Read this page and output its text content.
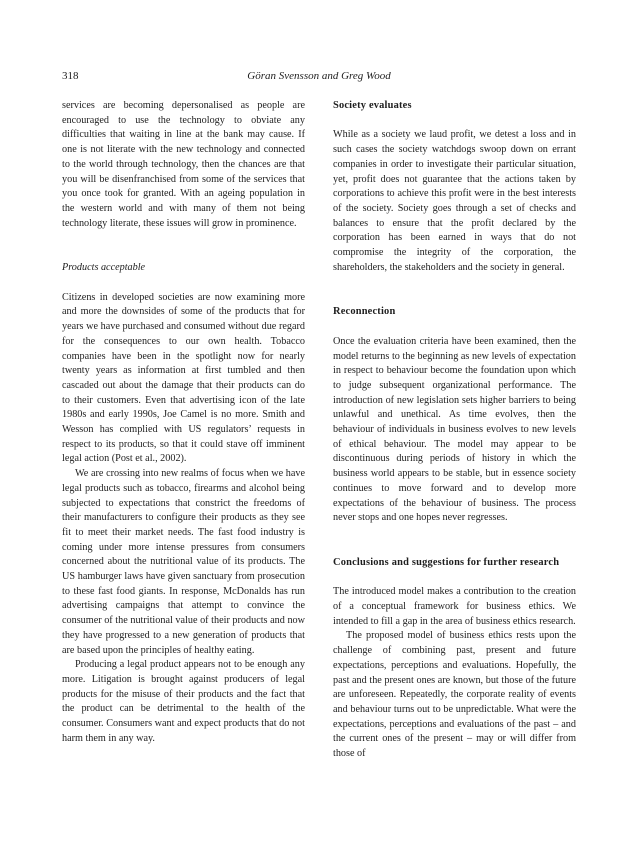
318	Göran Svensson and Greg Wood

services are becoming depersonalised as people are encouraged to use the technology to obviate any difficulties that waiting in line at the bank may cause. If one is not literate with the new technology and connected to the world through technology, then the chances are that you will be disenfranchised from some of the services that you once took for granted. With an ageing population in the western world and with many of them not being technology literate, these issues will grow in prominence.

Products acceptable

Citizens in developed societies are now examining more and more the downsides of some of the products that for years we have purchased and consumed without due regard for the consequences to our own health. Tobacco companies have been in the spotlight now for nearly twenty years as information at first tumbled and then cascaded out about the damage that their products can do to their customers. Even that advertising icon of the late 1980s and early 1990s, Joe Camel is no more. Smith and Wesson has complied with US regulators’ requests in respect to its products, so that it could stave off imminent legal action (Post et al., 2002).

We are crossing into new realms of focus when we have legal products such as tobacco, firearms and alcohol being subjected to expectations that constrict the freedoms of their manufacturers to configure their products as they see fit to meet their market needs. The fast food industry is coming under more intense pressures from consumers concerned about the nutritional value of its products. The US hamburger laws have given sanctuary from prosecution to these fast food giants. In response, McDonalds has run advertising campaigns that attempt to convince the consumer of the nutritional value of their products and now they have progressed to a new generation of products that are based upon the principles of healthy eating.

Producing a legal product appears not to be enough any more. Litigation is brought against producers of legal products for the misuse of their products and the fact that the product can be detrimental to the health of the consumer. Consumers want and expect products that do not harm them in any way.

Society evaluates

While as a society we laud profit, we detest a loss and in such cases the society watchdogs swoop down on errant companies in order to investigate their particular situation, yet, profit does not guarantee that the actions taken by corporations to achieve this profit were in the best interests of the society. Society goes through a set of checks and balances to ensure that the profit declared by the corporation has been earned in ways that do not compromise the integrity of the corporation, the shareholders, the stakeholders and the society in general.

Reconnection

Once the evaluation criteria have been examined, then the model returns to the beginning as new levels of expectation in respect to behaviour become the foundation upon which to judge subsequent organizational performance. The introduction of new legislation sets higher barriers to being unlawful and unethical. As time evolves, then the behaviour of individuals in business evolves to new levels of ethical behaviour. The model may appear to be discontinuous during periods of history in which the business world appears to be stable, but in essence society continues to move forward and to develop more expectations of the behaviour of business. The process never stops and one hopes never regresses.

Conclusions and suggestions for further research

The introduced model makes a contribution to the creation of a conceptual framework for business ethics. We intended to fill a gap in the area of business ethics research.

The proposed model of business ethics rests upon the challenge of combining past, present and future expectations, perceptions and evaluations. Hopefully, the past and the present ones are known, but those of the future are unforeseen. Repeatedly, the corporate reality of events and behaviour turns out to be unpredictable. What were the expectations, perceptions and evaluations of the past – and the current ones of the present – may or will differ from those of
